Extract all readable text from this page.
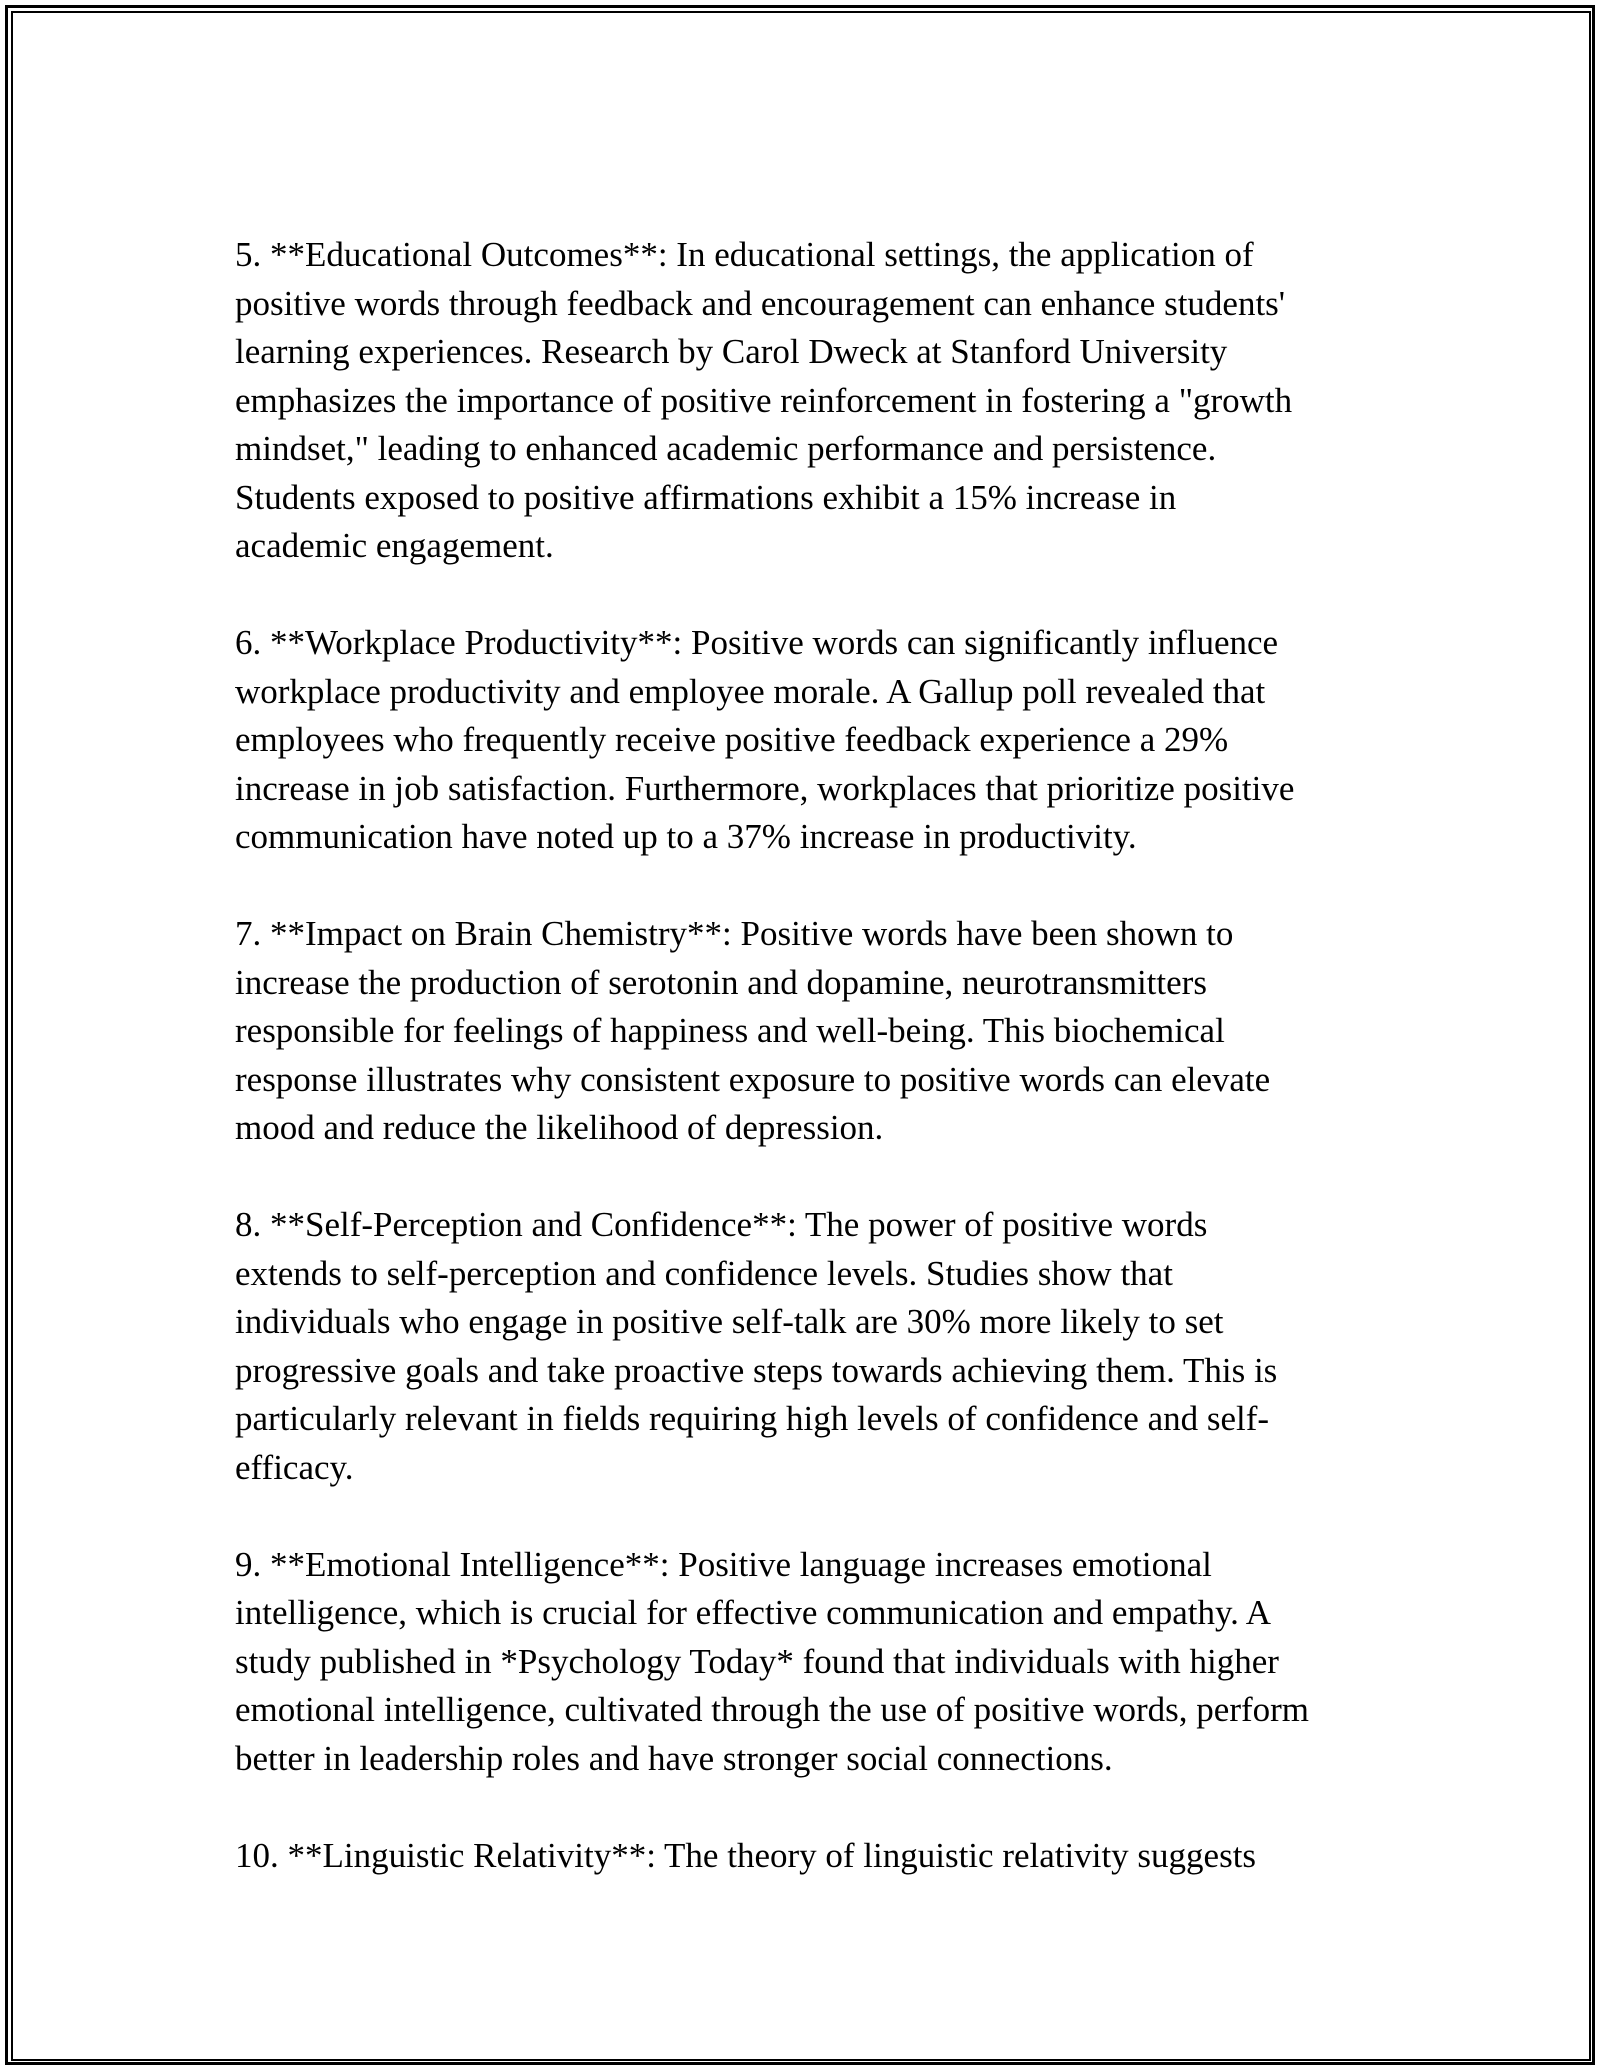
5. **Educational Outcomes**: In educational settings, the application of
positive words through feedback and encouragement can enhance students'
learning experiences. Research by Carol Dweck at Stanford University
emphasizes the importance of positive reinforcement in fostering a "growth
mindset," leading to enhanced academic performance and persistence.
Students exposed to positive affirmations exhibit a 15% increase in
academic engagement.

6. **Workplace Productivity**: Positive words can significantly influence
workplace productivity and employee morale. A Gallup poll revealed that
employees who frequently receive positive feedback experience a 29%
increase in job satisfaction. Furthermore, workplaces that prioritize positive
communication have noted up to a 37% increase in productivity.

7. **Impact on Brain Chemistry**: Positive words have been shown to
increase the production of serotonin and dopamine, neurotransmitters
responsible for feelings of happiness and well-being. This biochemical
response illustrates why consistent exposure to positive words can elevate
mood and reduce the likelihood of depression.

8. **Self-Perception and Confidence**: The power of positive words
extends to self-perception and confidence levels. Studies show that
individuals who engage in positive self-talk are 30% more likely to set
progressive goals and take proactive steps towards achieving them. This is
particularly relevant in fields requiring high levels of confidence and self-
efficacy.

9. **Emotional Intelligence**: Positive language increases emotional
intelligence, which is crucial for effective communication and empathy. A
study published in *Psychology Today* found that individuals with higher
emotional intelligence, cultivated through the use of positive words, perform
better in leadership roles and have stronger social connections.

10. **Linguistic Relativity**: The theory of linguistic relativity suggests
